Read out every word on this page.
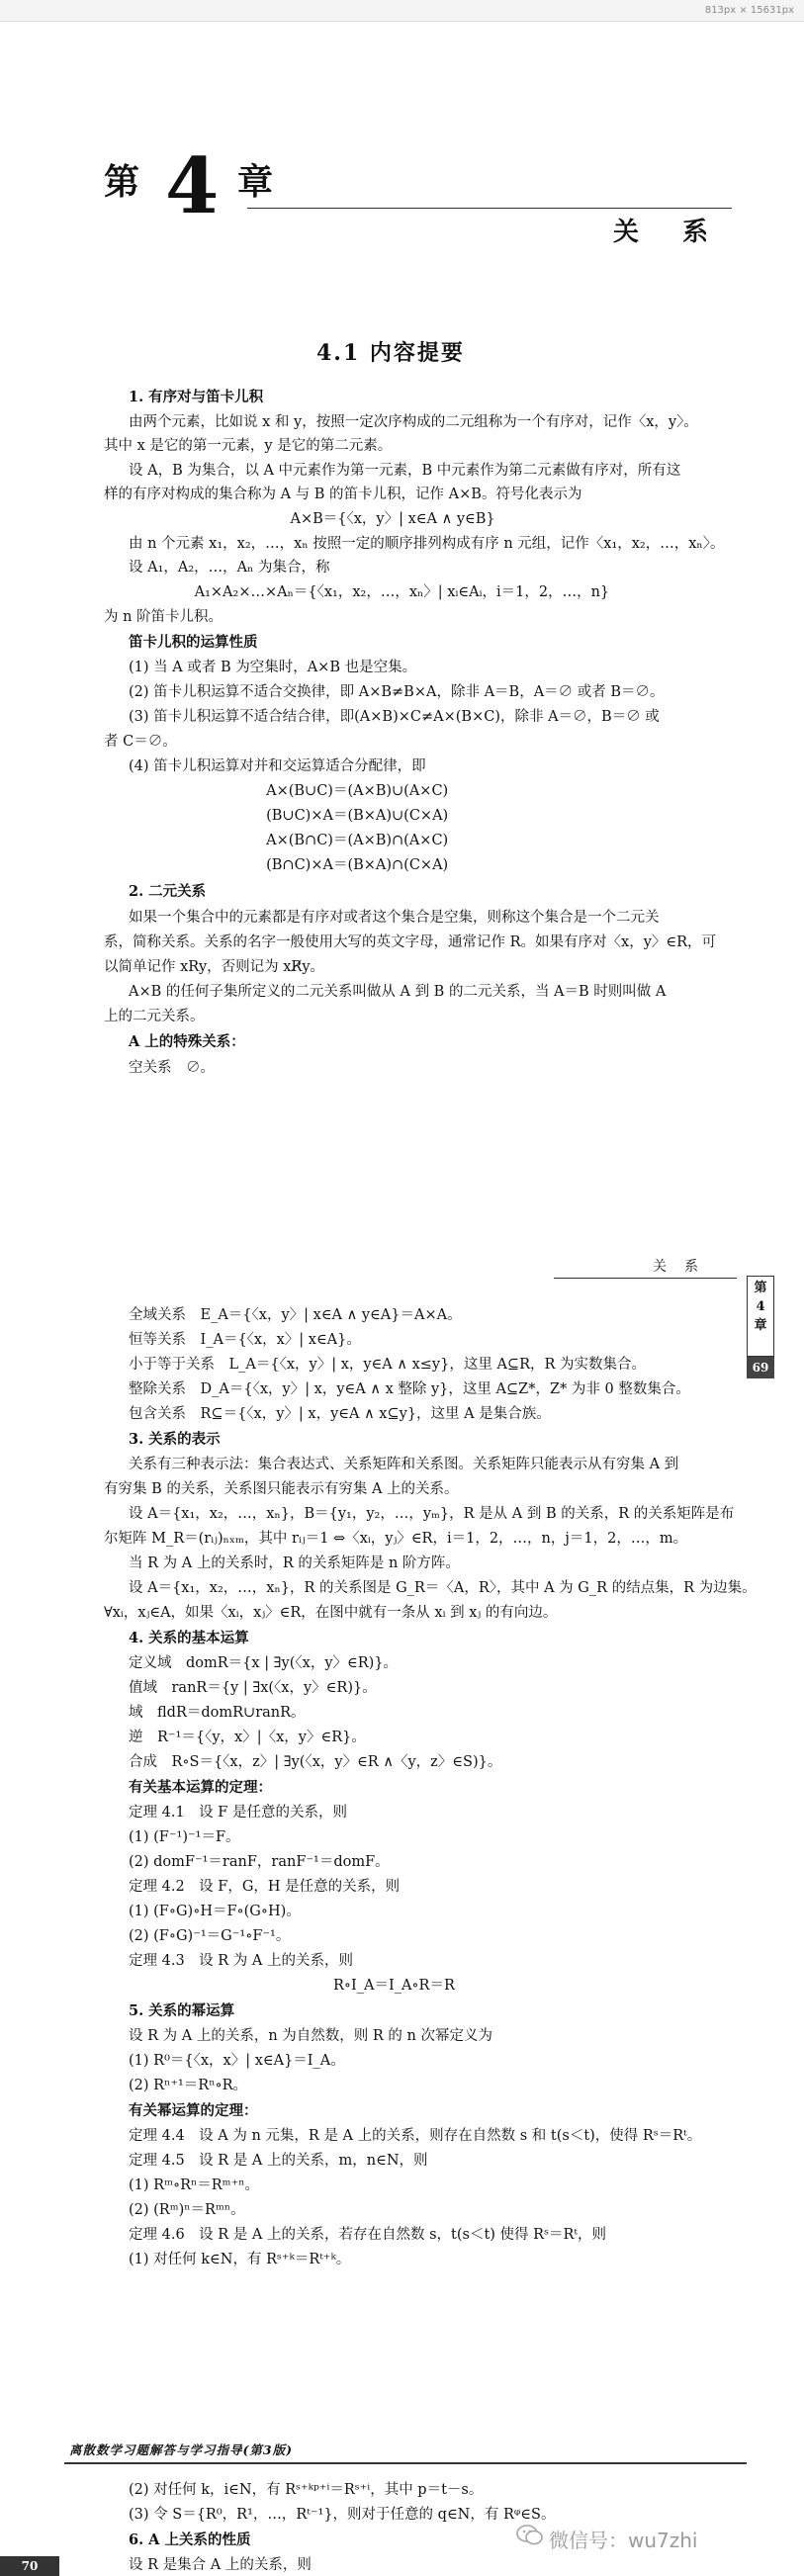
813px × 15631px
第 4 章
关系
4.1 内容提要
关系
第
4
章
69
1. 有序对与笛卡儿积
由两个元素，比如说 x 和 y，按照一定次序构成的二元组称为一个有序对，记作〈x，y〉。
其中 x 是它的第一元素，y 是它的第二元素。
设 A，B 为集合，以 A 中元素作为第一元素，B 中元素作为第二元素做有序对，所有这
样的有序对构成的集合称为 A 与 B 的笛卡儿积，记作 A×B。符号化表示为
　　　　　　　　　　　　　A×B＝{〈x，y〉| x∈A ∧ y∈B}
由 n 个元素 x₁，x₂，…，xₙ 按照一定的顺序排列构成有序 n 元组，记作〈x₁，x₂，…，xₙ〉。
设 A₁，A₂，…，Aₙ 为集合，称
　　　　　　 A₁×A₂×…×Aₙ＝{〈x₁，x₂，…，xₙ〉| xᵢ∈Aᵢ，i＝1，2，…，n}
为 n 阶笛卡儿积。
笛卡儿积的运算性质
(1) 当 A 或者 B 为空集时，A×B 也是空集。
(2) 笛卡儿积运算不适合交换律，即 A×B≠B×A，除非 A＝B，A＝∅ 或者 B＝∅。
(3) 笛卡儿积运算不适合结合律，即(A×B)×C≠A×(B×C)，除非 A＝∅，B＝∅ 或
者 C＝∅。
(4) 笛卡儿积运算对并和交运算适合分配律，即
　　　　　　　　　　　 A×(B∪C)＝(A×B)∪(A×C)
　　　　　　　　　　　 (B∪C)×A＝(B×A)∪(C×A)
　　　　　　　　　　　 A×(B∩C)＝(A×B)∩(A×C)
　　　　　　　　　　　 (B∩C)×A＝(B×A)∩(C×A)
2. 二元关系
如果一个集合中的元素都是有序对或者这个集合是空集，则称这个集合是一个二元关
系，简称关系。关系的名字一般使用大写的英文字母，通常记作 R。如果有序对〈x，y〉∈R，可
以简单记作 xRy，否则记为 xR̸y。
A×B 的任何子集所定义的二元关系叫做从 A 到 B 的二元关系，当 A＝B 时则叫做 A
上的二元关系。
A 上的特殊关系：
空关系　∅。
全域关系　E_A＝{〈x，y〉| x∈A ∧ y∈A}＝A×A。
恒等关系　I_A＝{〈x，x〉| x∈A}。
小于等于关系　L_A＝{〈x，y〉| x，y∈A ∧ x≤y}，这里 A⊆R，R 为实数集合。
整除关系　D_A＝{〈x，y〉| x，y∈A ∧ x 整除 y}，这里 A⊆Z*，Z* 为非 0 整数集合。
包含关系　R⊆＝{〈x，y〉| x，y∈A ∧ x⊆y}，这里 A 是集合族。
3. 关系的表示
关系有三种表示法：集合表达式、关系矩阵和关系图。关系矩阵只能表示从有穷集 A 到
有穷集 B 的关系，关系图只能表示有穷集 A 上的关系。
设 A＝{x₁，x₂，…，xₙ}，B＝{y₁，y₂，…，yₘ}，R 是从 A 到 B 的关系，R 的关系矩阵是布
尔矩阵 M_R＝(rᵢⱼ)ₙₓₘ，其中 rᵢⱼ＝1 ⇔〈xᵢ，yⱼ〉∈R，i＝1，2，…，n，j＝1，2，…，m。
当 R 为 A 上的关系时，R 的关系矩阵是 n 阶方阵。
设 A＝{x₁，x₂，…，xₙ}，R 的关系图是 G_R＝〈A，R〉，其中 A 为 G_R 的结点集，R 为边集。
∀xᵢ，xⱼ∈A，如果〈xᵢ，xⱼ〉∈R，在图中就有一条从 xᵢ 到 xⱼ 的有向边。
4. 关系的基本运算
定义域　domR＝{x | ∃y(〈x，y〉∈R)}。
值域　ranR＝{y | ∃x(〈x，y〉∈R)}。
域　fldR＝domR∪ranR。
逆　R⁻¹＝{〈y，x〉|〈x，y〉∈R}。
合成　R∘S＝{〈x，z〉| ∃y(〈x，y〉∈R ∧〈y，z〉∈S)}。
有关基本运算的定理：
定理 4.1　设 F 是任意的关系，则
(1) (F⁻¹)⁻¹＝F。
(2) domF⁻¹＝ranF，ranF⁻¹＝domF。
定理 4.2　设 F，G，H 是任意的关系，则
(1) (F∘G)∘H＝F∘(G∘H)。
(2) (F∘G)⁻¹＝G⁻¹∘F⁻¹。
定理 4.3　设 R 为 A 上的关系，则
　　　　　　　　　　　　　　　　R∘I_A＝I_A∘R＝R
5. 关系的幂运算
设 R 为 A 上的关系，n 为自然数，则 R 的 n 次幂定义为
(1) R⁰＝{〈x，x〉| x∈A}＝I_A。
(2) Rⁿ⁺¹＝Rⁿ∘R。
有关幂运算的定理：
定理 4.4　设 A 为 n 元集，R 是 A 上的关系，则存在自然数 s 和 t(s＜t)，使得 Rˢ＝Rᵗ。
定理 4.5　设 R 是 A 上的关系，m，n∈N，则
(1) Rᵐ∘Rⁿ＝Rᵐ⁺ⁿ。
(2) (Rᵐ)ⁿ＝Rᵐⁿ。
定理 4.6　设 R 是 A 上的关系，若存在自然数 s，t(s＜t) 使得 Rˢ＝Rᵗ，则
(1) 对任何 k∈N，有 Rˢ⁺ᵏ＝Rᵗ⁺ᵏ。
(2) 对任何 k，i∈N，有 Rˢ⁺ᵏᵖ⁺ⁱ＝Rˢ⁺ⁱ，其中 p＝t－s。
(3) 令 S＝{R⁰，R¹，…，Rᵗ⁻¹}，则对于任意的 q∈N，有 Rᵠ∈S。
6. A 上关系的性质
设 R 是集合 A 上的关系，则
离散数学习题解答与学习指导(第3版)
微信号：wu7zhi
70
